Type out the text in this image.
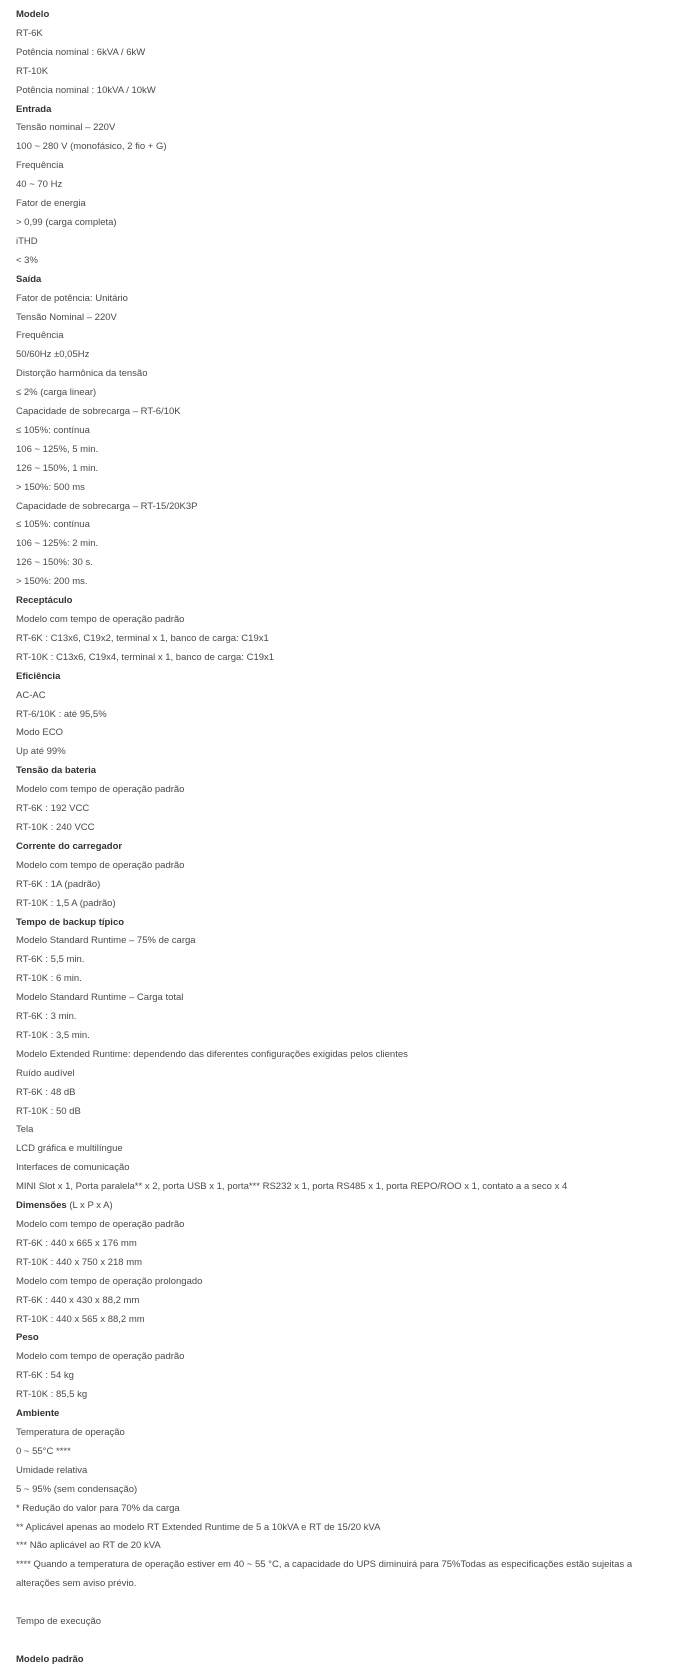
Modelo
RT-6K
Potência nominal : 6kVA / 6kW
RT-10K
Potência nominal : 10kVA / 10kW
Entrada
Tensão nominal – 220V
100 ~ 280 V (monofásico, 2 fio + G)
Frequência
40 ~ 70 Hz
Fator de energia
> 0,99 (carga completa)
iTHD
< 3%
Saída
Fator de potência: Unitário
Tensão Nominal – 220V
Frequência
50/60Hz ±0,05Hz
Distorção harmônica da tensão
≤ 2% (carga linear)
Capacidade de sobrecarga – RT-6/10K
≤ 105%: contínua
106 ~ 125%, 5 min.
126 ~ 150%, 1 min.
> 150%: 500 ms
Capacidade de sobrecarga – RT-15/20K3P
≤ 105%: contínua
106 ~ 125%: 2 min.
126 ~ 150%: 30 s.
> 150%: 200 ms.
Receptáculo
Modelo com tempo de operação padrão
RT-6K : C13x6, C19x2, terminal x 1, banco de carga: C19x1
RT-10K : C13x6, C19x4, terminal x 1, banco de carga: C19x1
Eficiência
AC-AC
RT-6/10K : até 95,5%
Modo ECO
Up até 99%
Tensão da bateria
Modelo com tempo de operação padrão
RT-6K : 192 VCC
RT-10K : 240 VCC
Corrente do carregador
Modelo com tempo de operação padrão
RT-6K : 1A (padrão)
RT-10K : 1,5 A (padrão)
Tempo de backup típico
Modelo Standard Runtime – 75% de carga
RT-6K : 5,5 min.
RT-10K : 6 min.
Modelo Standard Runtime – Carga total
RT-6K : 3 min.
RT-10K : 3,5 min.
Modelo Extended Runtime: dependendo das diferentes configurações exigidas pelos clientes
Ruído audível
RT-6K : 48 dB
RT-10K : 50 dB
Tela
LCD gráfica e multilíngue
Interfaces de comunicação
MINI Slot x 1, Porta paralela** x 2, porta USB x 1, porta*** RS232 x 1, porta RS485 x 1, porta REPO/ROO x 1, contato a a seco x 4
Dimensões (L x P x A)
Modelo com tempo de operação padrão
RT-6K : 440 x 665 x 176 mm
RT-10K : 440 x 750 x 218 mm
Modelo com tempo de operação prolongado
RT-6K : 440 x 430 x 88,2 mm
RT-10K : 440 x 565 x 88,2 mm
Peso
Modelo com tempo de operação padrão
RT-6K : 54 kg
RT-10K : 85,5 kg
Ambiente
Temperatura de operação
0 ~ 55°C ****
Umidade relativa
5 ~ 95% (sem condensação)
* Redução do valor para 70% da carga
** Aplicável apenas ao modelo RT Extended Runtime de 5 a 10kVA e RT de 15/20 kVA
*** Não aplicável ao RT de 20 kVA
**** Quando a temperatura de operação estiver em 40 ~ 55 °C, a capacidade do UPS diminuirá para 75%Todas as especificações estão sujeitas a alterações sem aviso prévio.
Tempo de execução
Modelo padrão
